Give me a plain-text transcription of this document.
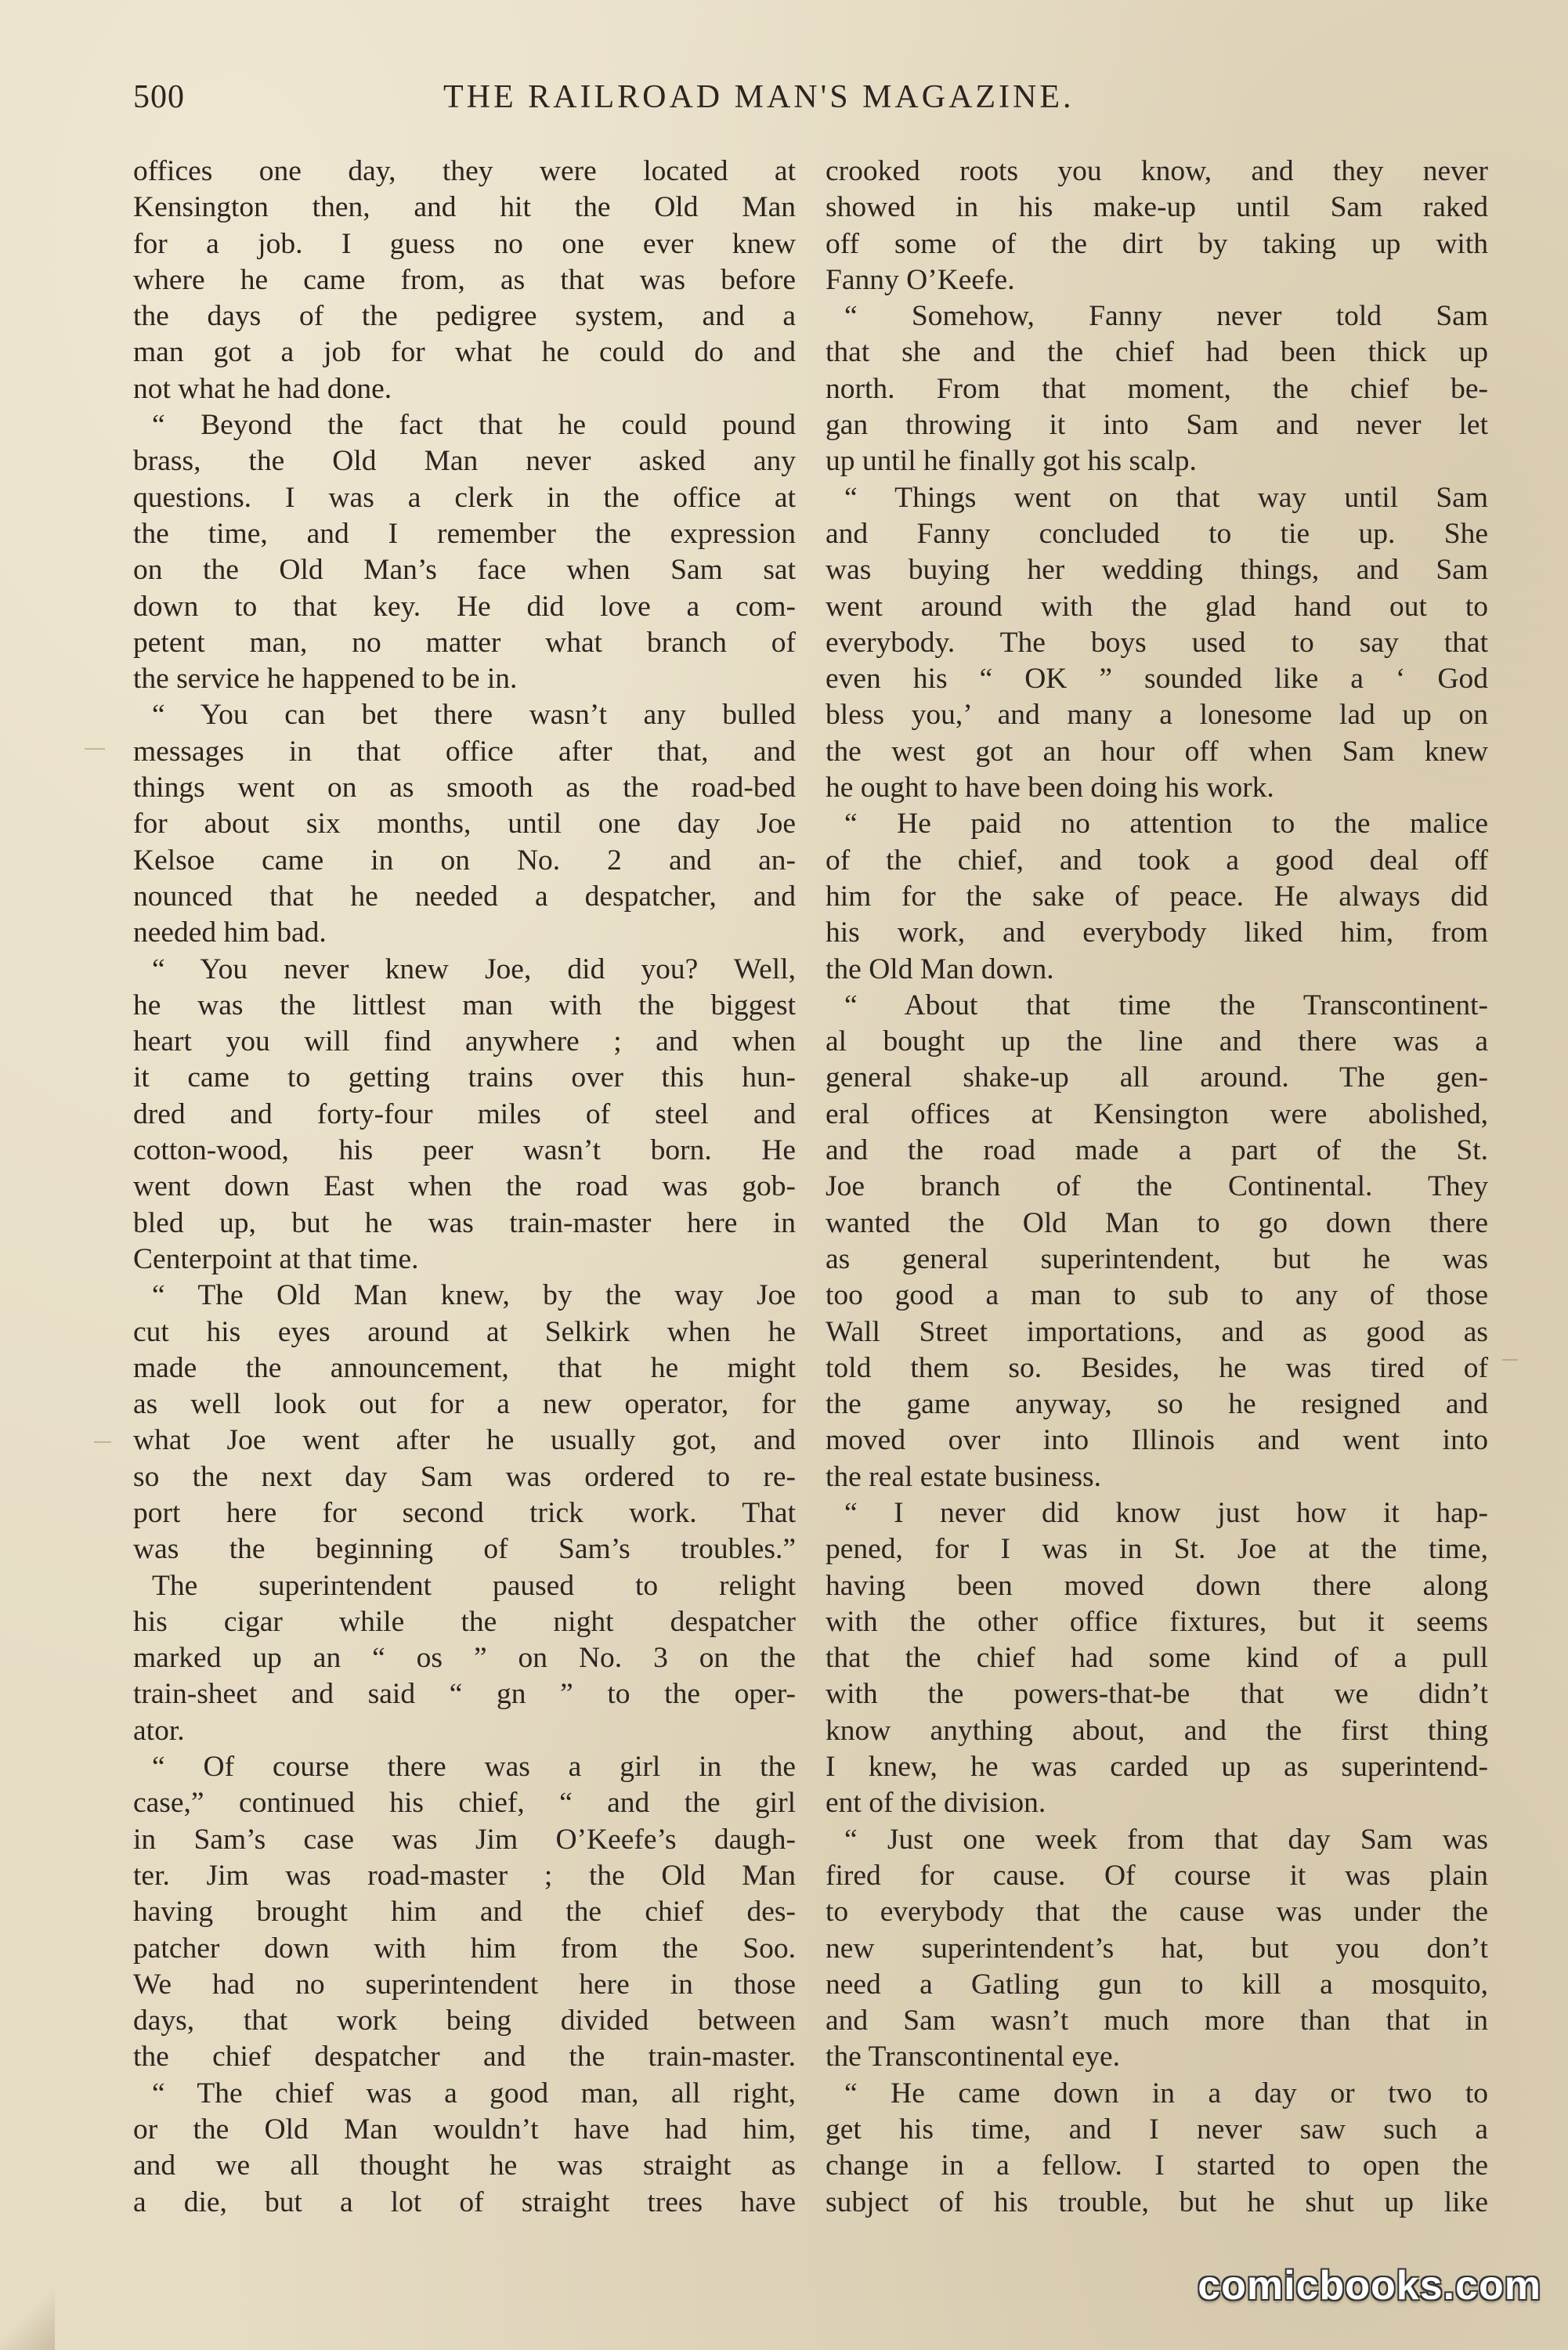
500	THE RAILROAD MAN'S MAGAZINE.
offices one day, they were located at
Kensington then, and hit the Old Man
for a job. I guess no one ever knew
where he came from, as that was before
the days of the pedigree system, and a
man got a job for what he could do and
not what he had done.
“ Beyond the fact that he could pound
brass, the Old Man never asked any
questions. I was a clerk in the office at
the time, and I remember the expression
on the Old Man’s face when Sam sat
down to that key. He did love a com-
petent man, no matter what branch of
the service he happened to be in.
“ You can bet there wasn’t any bulled
messages in that office after that, and
things went on as smooth as the road-bed
for about six months, until one day Joe
Kelsoe came in on No. 2 and an-
nounced that he needed a despatcher, and
needed him bad.
“ You never knew Joe, did you? Well,
he was the littlest man with the biggest
heart you will find anywhere ; and when
it came to getting trains over this hun-
dred and forty-four miles of steel and
cotton-wood, his peer wasn’t born. He
went down East when the road was gob-
bled up, but he was train-master here in
Centerpoint at that time.
“ The Old Man knew, by the way Joe
cut his eyes around at Selkirk when he
made the announcement, that he might
as well look out for a new operator, for
what Joe went after he usually got, and
so the next day Sam was ordered to re-
port here for second trick work. That
was the beginning of Sam’s troubles.”
The superintendent paused to relight
his cigar while the night despatcher
marked up an “ os ” on No. 3 on the
train-sheet and said “ gn ” to the oper-
ator.
“ Of course there was a girl in the
case,” continued his chief, “ and the girl
in Sam’s case was Jim O’Keefe’s daugh-
ter. Jim was road-master ; the Old Man
having brought him and the chief des-
patcher down with him from the Soo.
We had no superintendent here in those
days, that work being divided between
the chief despatcher and the train-master.
“ The chief was a good man, all right,
or the Old Man wouldn’t have had him,
and we all thought he was straight as
a die, but a lot of straight trees have
crooked roots you know, and they never
showed in his make-up until Sam raked
off some of the dirt by taking up with
Fanny O’Keefe.
“ Somehow, Fanny never told Sam
that she and the chief had been thick up
north. From that moment, the chief be-
gan throwing it into Sam and never let
up until he finally got his scalp.
“ Things went on that way until Sam
and Fanny concluded to tie up. She
was buying her wedding things, and Sam
went around with the glad hand out to
everybody. The boys used to say that
even his “ OK ” sounded like a ‘ God
bless you,’ and many a lonesome lad up on
the west got an hour off when Sam knew
he ought to have been doing his work.
“ He paid no attention to the malice
of the chief, and took a good deal off
him for the sake of peace. He always did
his work, and everybody liked him, from
the Old Man down.
“ About that time the Transcontinent-
al bought up the line and there was a
general shake-up all around. The gen-
eral offices at Kensington were abolished,
and the road made a part of the St.
Joe branch of the Continental. They
wanted the Old Man to go down there
as general superintendent, but he was
too good a man to sub to any of those
Wall Street importations, and as good as
told them so. Besides, he was tired of
the game anyway, so he resigned and
moved over into Illinois and went into
the real estate business.
“ I never did know just how it hap-
pened, for I was in St. Joe at the time,
having been moved down there along
with the other office fixtures, but it seems
that the chief had some kind of a pull
with the powers-that-be that we didn’t
know anything about, and the first thing
I knew, he was carded up as superintend-
ent of the division.
“ Just one week from that day Sam was
fired for cause. Of course it was plain
to everybody that the cause was under the
new superintendent’s hat, but you don’t
need a Gatling gun to kill a mosquito,
and Sam wasn’t much more than that in
the Transcontinental eye.
“ He came down in a day or two to
get his time, and I never saw such a
change in a fellow. I started to open the
subject of his trouble, but he shut up like
comicbooks.com
